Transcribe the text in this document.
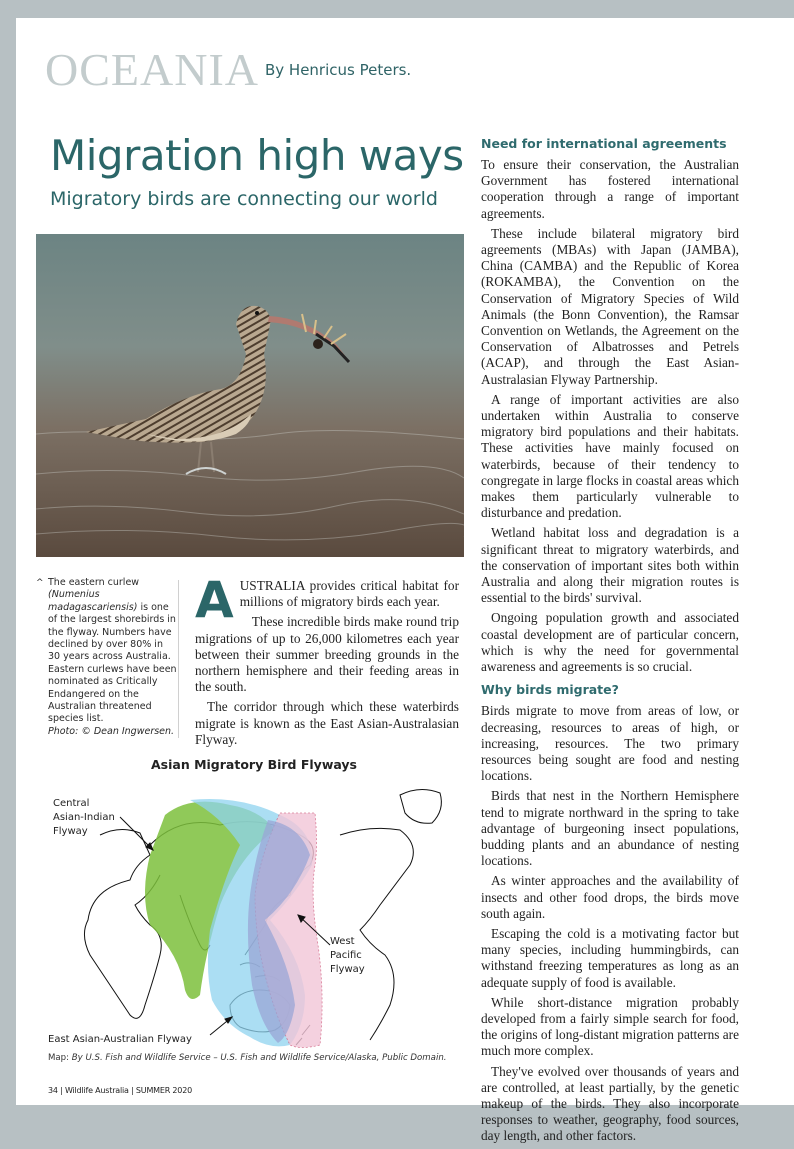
OCEANIA By Henricus Peters.
Migration high ways
Migratory birds are connecting our world
^ The eastern curlew (Numenius madagascariensis) is one of the largest shorebirds in the flyway. Numbers have declined by over 80% in 30 years across Australia. Eastern curlews have been nominated as Critically Endangered on the Australian threatened species list.
Photo: © Dean Ingwersen.

AUSTRALIA provides critical habitat for millions of migratory birds each year.

These incredible birds make round trip migrations of up to 26,000 kilometres each year between their summer breeding grounds in the northern hemisphere and their feeding areas in the south.

The corridor through which these waterbirds migrate is known as the East Asian-Australasian Flyway.

Asian Migratory Bird Flyways
Central
Asian-Indian
Flyway
West
Pacific
Flyway
East Asian-Australian Flyway
Map: By U.S. Fish and Wildlife Service – U.S. Fish and Wildlife Service/Alaska, Public Domain.
Need for international agreements

To ensure their conservation, the Australian Government has fostered international cooperation through a range of important agreements.

These include bilateral migratory bird agreements (MBAs) with Japan (JAMBA), China (CAMBA) and the Republic of Korea (ROKAMBA), the Convention on the Conservation of Migratory Species of Wild Animals (the Bonn Convention), the Ramsar Convention on Wetlands, the Agreement on the Conservation of Albatrosses and Petrels (ACAP), and through the East Asian-Australasian Flyway Partnership.

A range of important activities are also undertaken within Australia to conserve migratory bird populations and their habitats. These activities have mainly focused on waterbirds, because of their tendency to congregate in large flocks in coastal areas which makes them particularly vulnerable to disturbance and predation.

Wetland habitat loss and degradation is a significant threat to migratory waterbirds, and the conservation of important sites both within Australia and along their migration routes is essential to the birds' survival.

Ongoing population growth and associated coastal development are of particular concern, which is why the need for governmental awareness and agreements is so crucial.

Why birds migrate?

Birds migrate to move from areas of low, or decreasing, resources to areas of high, or increasing, resources. The two primary resources being sought are food and nesting locations.

Birds that nest in the Northern Hemisphere tend to migrate northward in the spring to take advantage of burgeoning insect populations, budding plants and an abundance of nesting locations.

As winter approaches and the availability of insects and other food drops, the birds move south again.

Escaping the cold is a motivating factor but many species, including hummingbirds, can withstand freezing temperatures as long as an adequate supply of food is available.

While short-distance migration probably developed from a fairly simple search for food, the origins of long-distant migration patterns are much more complex.

They've evolved over thousands of years and are controlled, at least partially, by the genetic makeup of the birds. They also incorporate responses to weather, geography, food sources, day length, and other factors.

34 | Wildlife Australia | SUMMER 2020
